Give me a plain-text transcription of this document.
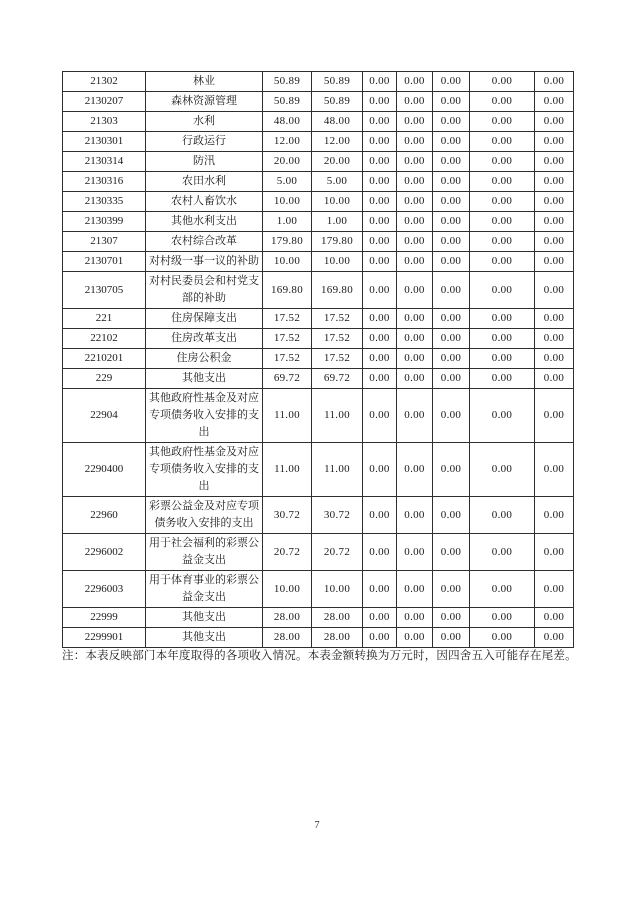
21302	林业	50.89	50.89	0.00	0.00	0.00	0.00	0.00
2130207	森林资源管理	50.89	50.89	0.00	0.00	0.00	0.00	0.00
21303	水利	48.00	48.00	0.00	0.00	0.00	0.00	0.00
2130301	行政运行	12.00	12.00	0.00	0.00	0.00	0.00	0.00
2130314	防汛	20.00	20.00	0.00	0.00	0.00	0.00	0.00
2130316	农田水利	5.00	5.00	0.00	0.00	0.00	0.00	0.00
2130335	农村人畜饮水	10.00	10.00	0.00	0.00	0.00	0.00	0.00
2130399	其他水利支出	1.00	1.00	0.00	0.00	0.00	0.00	0.00
21307	农村综合改革	179.80	179.80	0.00	0.00	0.00	0.00	0.00
2130701	对村级一事一议的补助	10.00	10.00	0.00	0.00	0.00	0.00	0.00
2130705	对村民委员会和村党支部的补助	169.80	169.80	0.00	0.00	0.00	0.00	0.00
221	住房保障支出	17.52	17.52	0.00	0.00	0.00	0.00	0.00
22102	住房改革支出	17.52	17.52	0.00	0.00	0.00	0.00	0.00
2210201	住房公积金	17.52	17.52	0.00	0.00	0.00	0.00	0.00
229	其他支出	69.72	69.72	0.00	0.00	0.00	0.00	0.00
22904	其他政府性基金及对应专项债务收入安排的支出	11.00	11.00	0.00	0.00	0.00	0.00	0.00
2290400	其他政府性基金及对应专项债务收入安排的支出	11.00	11.00	0.00	0.00	0.00	0.00	0.00
22960	彩票公益金及对应专项债务收入安排的支出	30.72	30.72	0.00	0.00	0.00	0.00	0.00
2296002	用于社会福利的彩票公益金支出	20.72	20.72	0.00	0.00	0.00	0.00	0.00
2296003	用于体育事业的彩票公益金支出	10.00	10.00	0.00	0.00	0.00	0.00	0.00
22999	其他支出	28.00	28.00	0.00	0.00	0.00	0.00	0.00
2299901	其他支出	28.00	28.00	0.00	0.00	0.00	0.00	0.00

注：本表反映部门本年度取得的各项收入情况。本表金额转换为万元时，因四舍五入可能存在尾差。

7
